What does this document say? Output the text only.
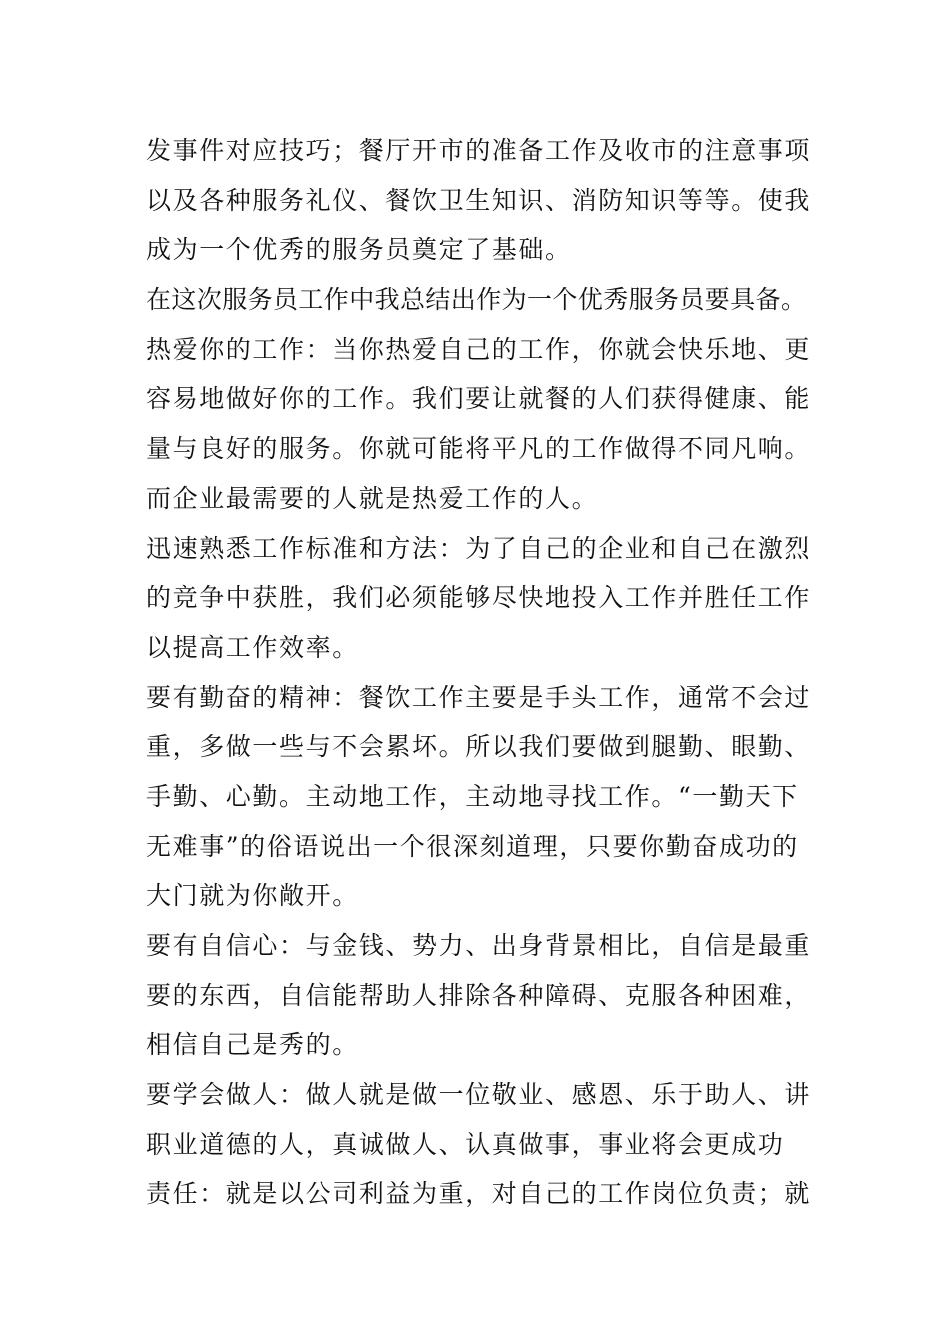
发事件对应技巧；餐厅开市的准备工作及收市的注意事项
以及各种服务礼仪、餐饮卫生知识、消防知识等等。使我
成为一个优秀的服务员奠定了基础。
在这次服务员工作中我总结出作为一个优秀服务员要具备。
热爱你的工作：当你热爱自己的工作，你就会快乐地、更
容易地做好你的工作。我们要让就餐的人们获得健康、能
量与良好的服务。你就可能将平凡的工作做得不同凡响。
而企业最需要的人就是热爱工作的人。
迅速熟悉工作标准和方法：为了自己的企业和自己在激烈
的竞争中获胜，我们必须能够尽快地投入工作并胜任工作
以提高工作效率。
要有勤奋的精神：餐饮工作主要是手头工作，通常不会过
重，多做一些与不会累坏。所以我们要做到腿勤、眼勤、
手勤、心勤。主动地工作，主动地寻找工作。“一勤天下
无难事”的俗语说出一个很深刻道理，只要你勤奋成功的
大门就为你敞开。
要有自信心：与金钱、势力、出身背景相比，自信是最重
要的东西，自信能帮助人排除各种障碍、克服各种困难，
相信自己是秀的。
要学会做人：做人就是做一位敬业、感恩、乐于助人、讲
职业道德的人，真诚做人、认真做事，事业将会更成功
责任：就是以公司利益为重，对自己的工作岗位负责；就
